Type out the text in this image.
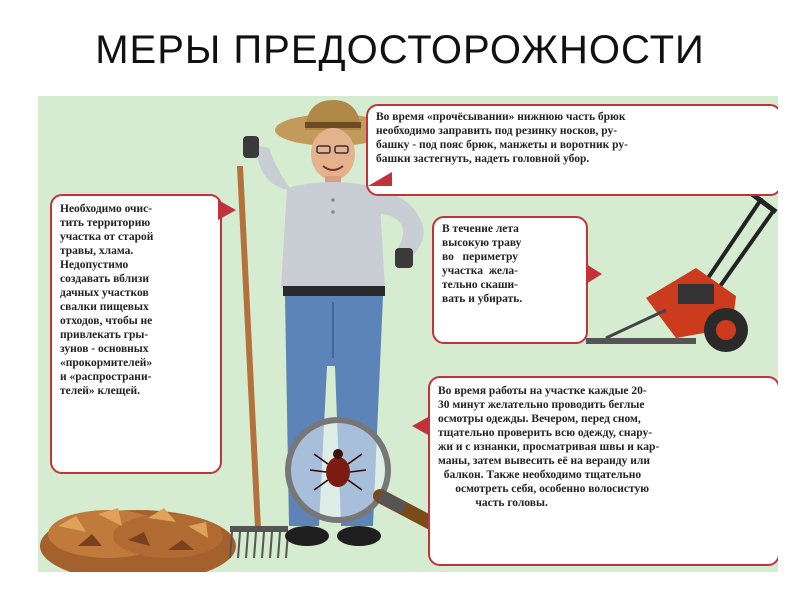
МЕРЫ ПРЕДОСТОРОЖНОСТИ
Во время «прочёсывании» нижнюю часть брюк
необходимо заправить под резинку носков, ру-
башку - под пояс брюк, манжеты и воротник ру-
башки застегнуть, надеть головной убор.
Необходимо очис-
тить территорию
участка от старой
травы, хлама.
Недопустимо
создавать вблизи
дачных участков
свалки пищевых
отходов, чтобы не
привлекать гры-
зунов - основных
«прокормителей»
и «распространи-
телей» клещей.
В течение лета
высокую траву
во   периметру
участка  жела-
тельно скаши-
вать и убирать.
Во время работы на участке каждые 20-
30 минут желательно проводить беглые
осмотры одежды. Вечером, перед сном,
тщательно проверить всю одежду, снару-
жи и с изнанки, просматривая швы и кар-
маны, затем вывесить её на веранду или
балкон. Также необходимо тщательно
осмотреть себя, особенно волосистую
часть головы.
